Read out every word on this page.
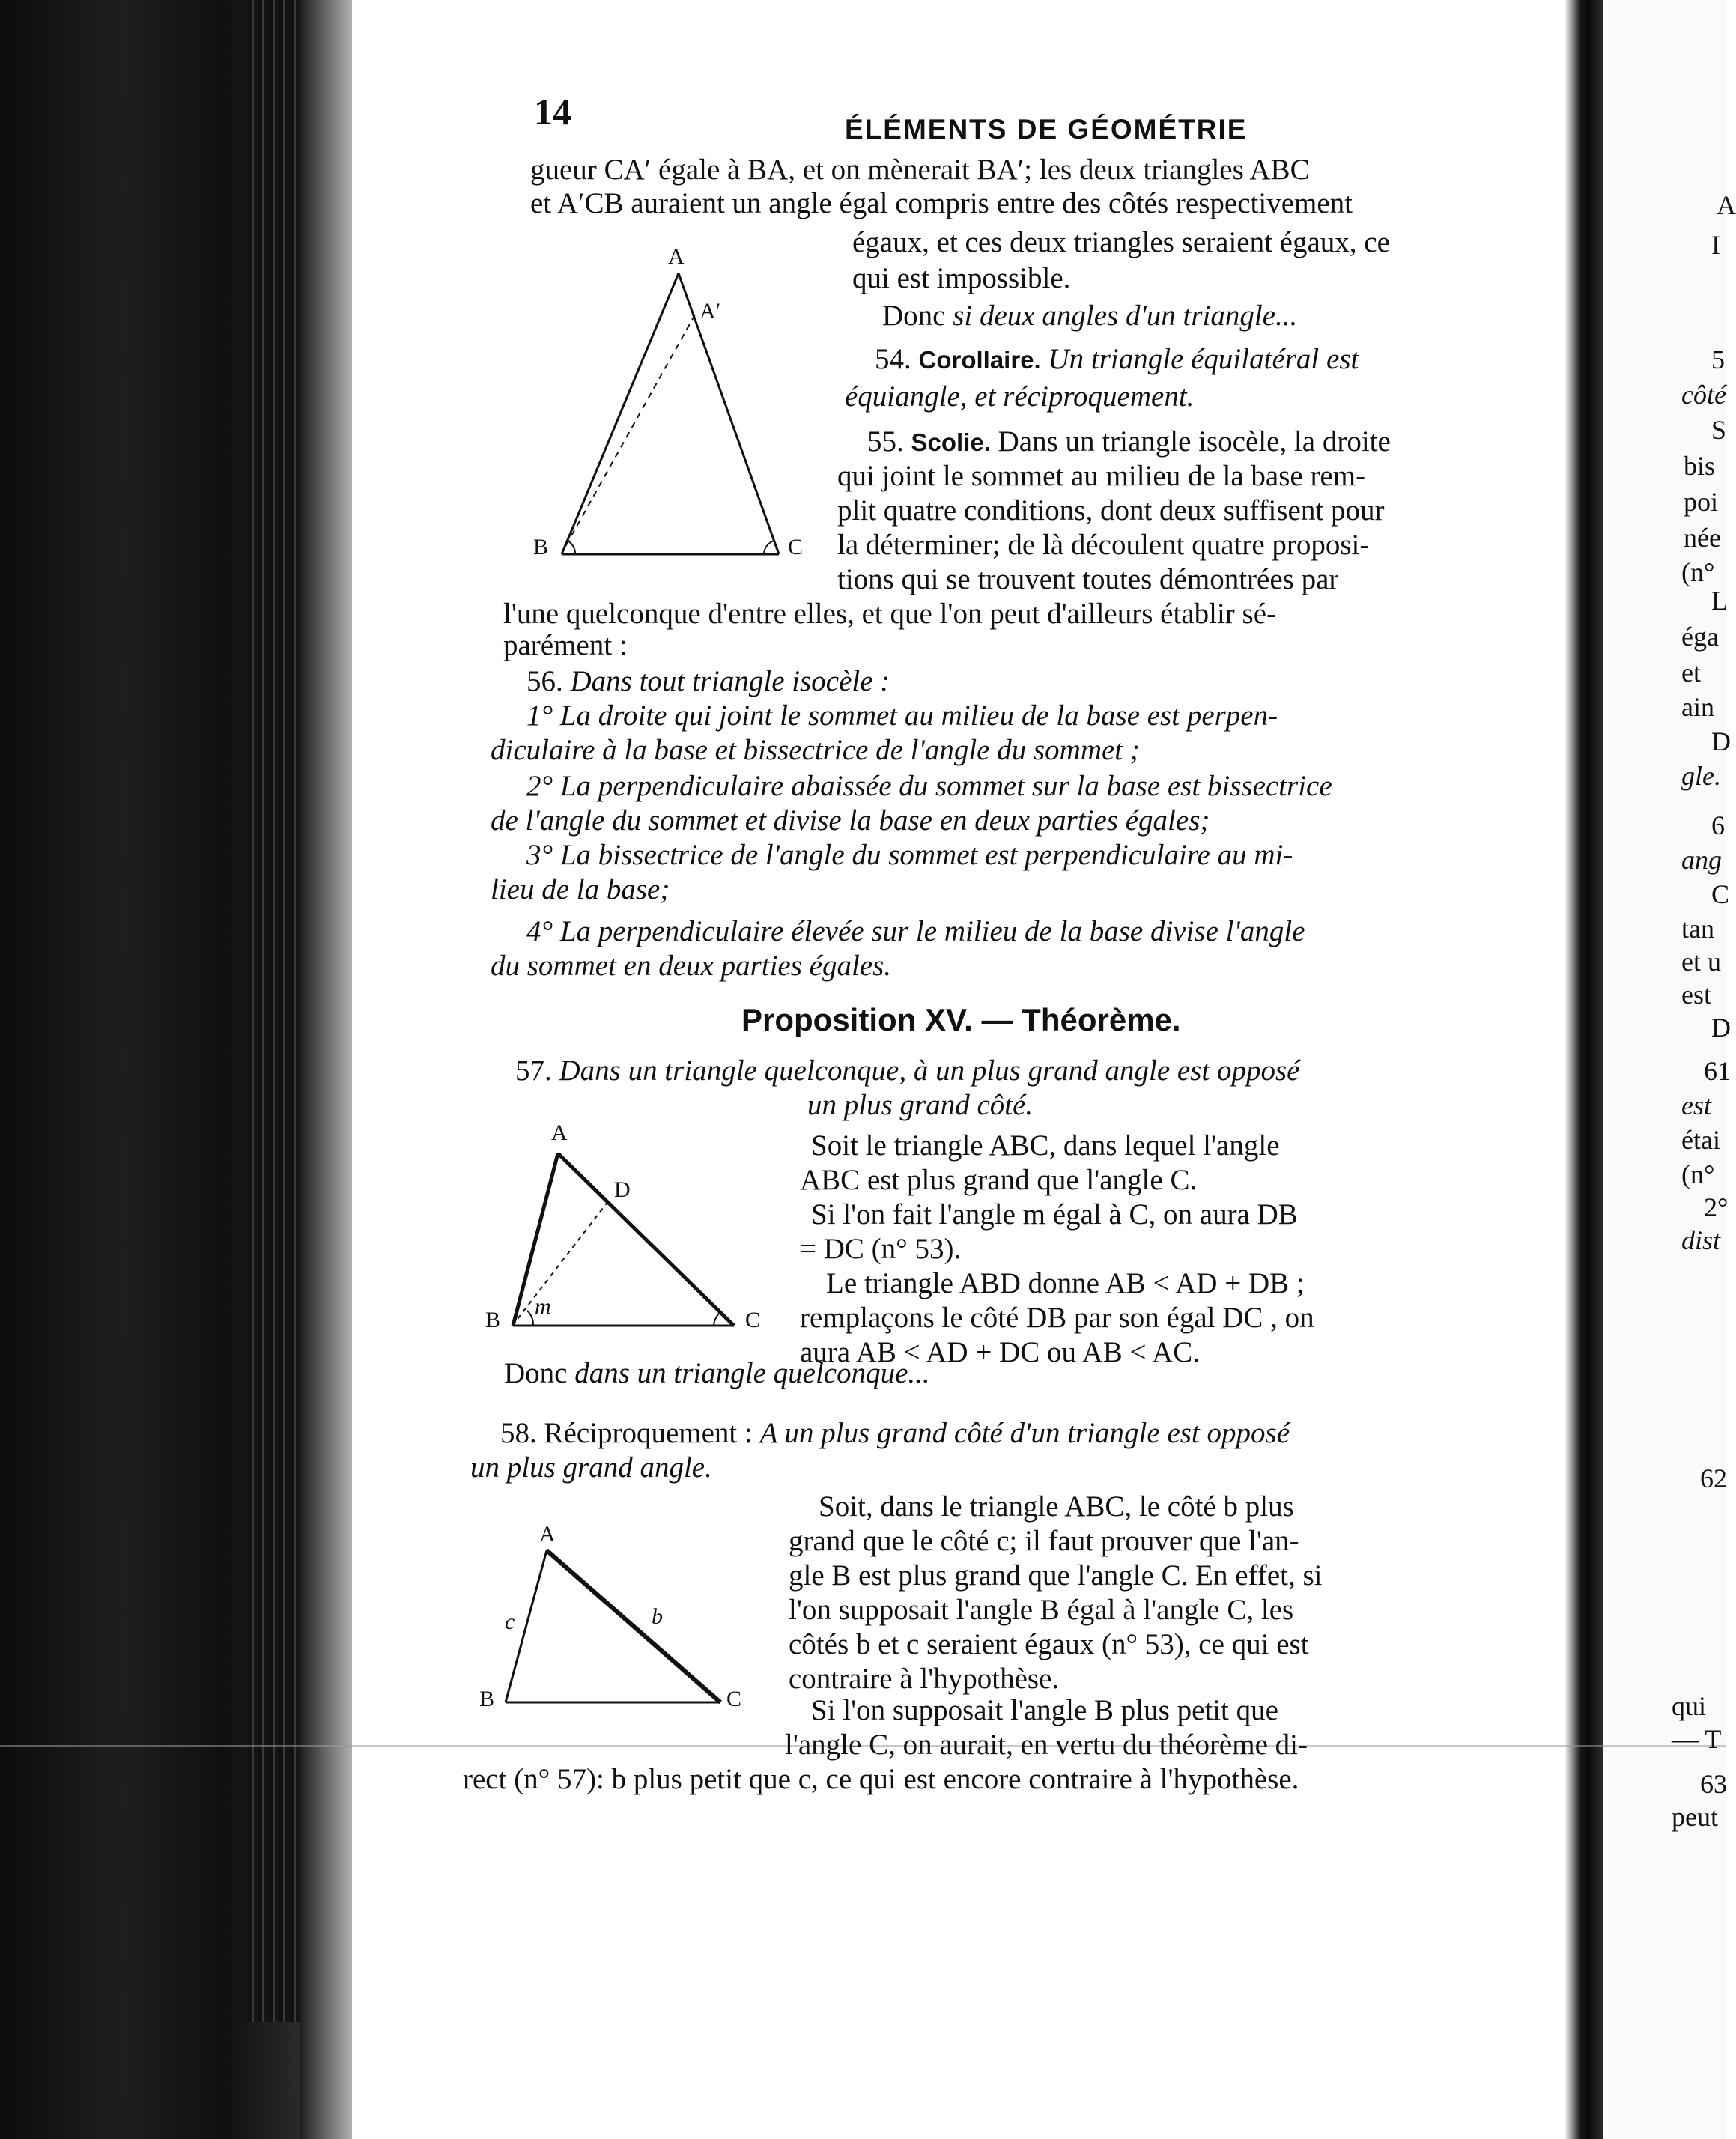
14	ÉLÉMENTS DE GÉOMÉTRIE
gueur CA′ égale à BA, et on mènerait BA′; les deux triangles ABC
et A′CB auraient un angle égal compris entre des côtés respectivement
égaux, et ces deux triangles seraient égaux, ce
qui est impossible.
Donc si deux angles d'un triangle...
A
A′
B	C
54. Corollaire. Un triangle équilatéral est
équiangle, et réciproquement.
55. Scolie. Dans un triangle isocèle, la droite
qui joint le sommet au milieu de la base rem-
plit quatre conditions, dont deux suffisent pour
la déterminer; de là découlent quatre proposi-
tions qui se trouvent toutes démontrées par
l'une quelconque d'entre elles, et que l'on peut d'ailleurs établir sé-
parément :
56. Dans tout triangle isocèle :
1° La droite qui joint le sommet au milieu de la base est perpen-
diculaire à la base et bissectrice de l'angle du sommet ;
2° La perpendiculaire abaissée du sommet sur la base est bissectrice
de l'angle du sommet et divise la base en deux parties égales;
3° La bissectrice de l'angle du sommet est perpendiculaire au mi-
lieu de la base;
4° La perpendiculaire élevée sur le milieu de la base divise l'angle
du sommet en deux parties égales.
Proposition XV. — Théorème.
57. Dans un triangle quelconque, à un plus grand angle est opposé
un plus grand côté.
A
D
B	C
m
Soit le triangle ABC, dans lequel l'angle
ABC est plus grand que l'angle C.
Si l'on fait l'angle m égal à C, on aura DB
= DC (n° 53).
Le triangle ABD donne AB < AD + DB ;
remplaçons le côté DB par son égal DC , on
aura AB < AD + DC ou AB < AC.
Donc dans un triangle quelconque...
58. Réciproquement : A un plus grand côté d'un triangle est opposé
un plus grand angle.
A
B	C
c	b
Soit, dans le triangle ABC, le côté b plus
grand que le côté c; il faut prouver que l'an-
gle B est plus grand que l'angle C. En effet, si
l'on supposait l'angle B égal à l'angle C, les
côtés b et c seraient égaux (n° 53), ce qui est
contraire à l'hypothèse.
Si l'on supposait l'angle B plus petit que
l'angle C, on aurait, en vertu du théorème di-
rect (n° 57): b plus petit que c, ce qui est encore contraire à l'hypothèse.
A
I
5
côté
S
bis
poi
née
(n°
L
éga
et
ain
D
gle.
6
ang
C
tan
et u
est
D
61
est
étai
(n°
2°
dist
62
qui
— T
63
peut
